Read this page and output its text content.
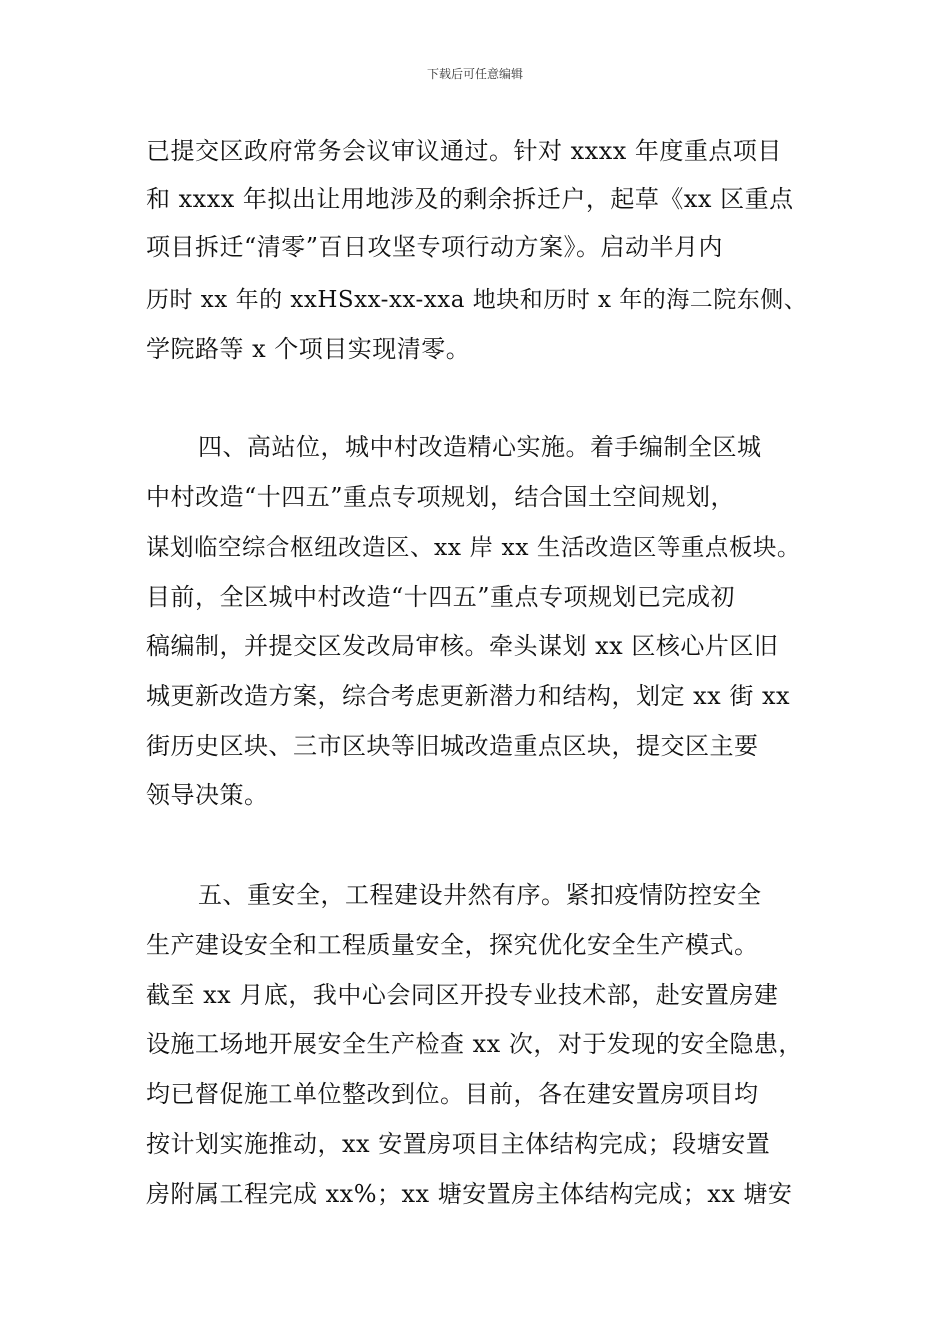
下载后可任意编辑
已提交区政府常务会议审议通过。针对 xxxx 年度重点项目
和 xxxx 年拟出让用地涉及的剩余拆迁户，起草《xx 区重点
项目拆迁“清零”百日攻坚专项行动方案》。启动半月内
历时 xx 年的 xxHSxx-xx-xxa 地块和历时 x 年的海二院东侧、
学院路等 x 个项目实现清零。
四、高站位，城中村改造精心实施。着手编制全区城
中村改造“十四五”重点专项规划，结合国土空间规划，
谋划临空综合枢纽改造区、xx 岸 xx 生活改造区等重点板块。
目前，全区城中村改造“十四五”重点专项规划已完成初
稿编制，并提交区发改局审核。牵头谋划 xx 区核心片区旧
城更新改造方案，综合考虑更新潜力和结构，划定 xx 街 xx
街历史区块、三市区块等旧城改造重点区块，提交区主要
领导决策。
五、重安全，工程建设井然有序。紧扣疫情防控安全
生产建设安全和工程质量安全，探究优化安全生产模式。
截至 xx 月底，我中心会同区开投专业技术部，赴安置房建
设施工场地开展安全生产检查 xx 次，对于发现的安全隐患，
均已督促施工单位整改到位。目前，各在建安置房项目均
按计划实施推动，xx 安置房项目主体结构完成；段塘安置
房附属工程完成 xx%；xx 塘安置房主体结构完成；xx 塘安
